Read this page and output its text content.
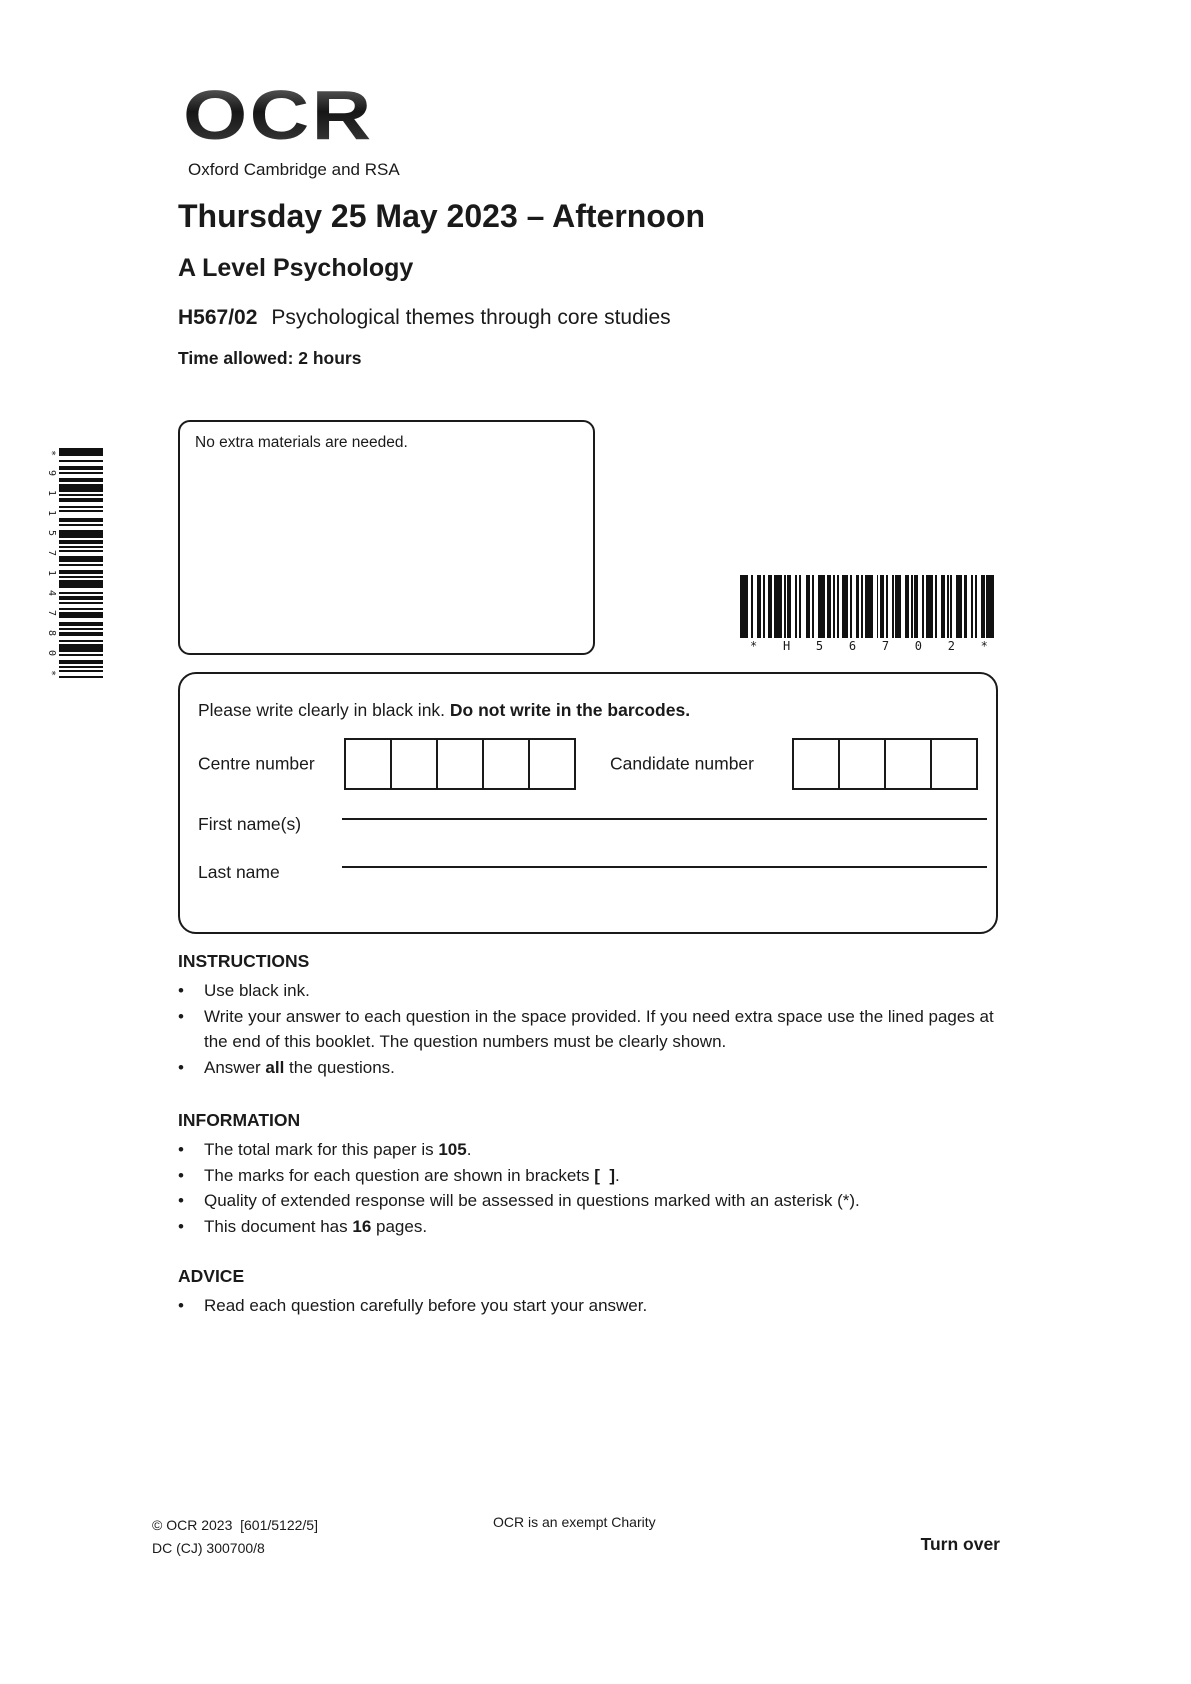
OCR
Oxford Cambridge and RSA
Thursday 25 May 2023 – Afternoon
A Level Psychology
H567/02 Psychological themes through core studies
Time allowed: 2 hours
No extra materials are needed.
*
9
1
1
5
7
1
4
7
8
0
*
* H 5 6 7 0 2 *
Please write clearly in black ink. Do not write in the barcodes.
Centre number	Candidate number
First name(s)
Last name
INSTRUCTIONS
•	Use black ink.
•	Write your answer to each question in the space provided. If you need extra space use the lined pages at the end of this booklet. The question numbers must be clearly shown.
•	Answer all the questions.
INFORMATION
•	The total mark for this paper is 105.
•	The marks for each question are shown in brackets [  ].
•	Quality of extended response will be assessed in questions marked with an asterisk (*).
•	This document has 16 pages.
ADVICE
•	Read each question carefully before you start your answer.
© OCR 2023  [601/5122/5]
DC (CJ) 300700/8
OCR is an exempt Charity
Turn over
